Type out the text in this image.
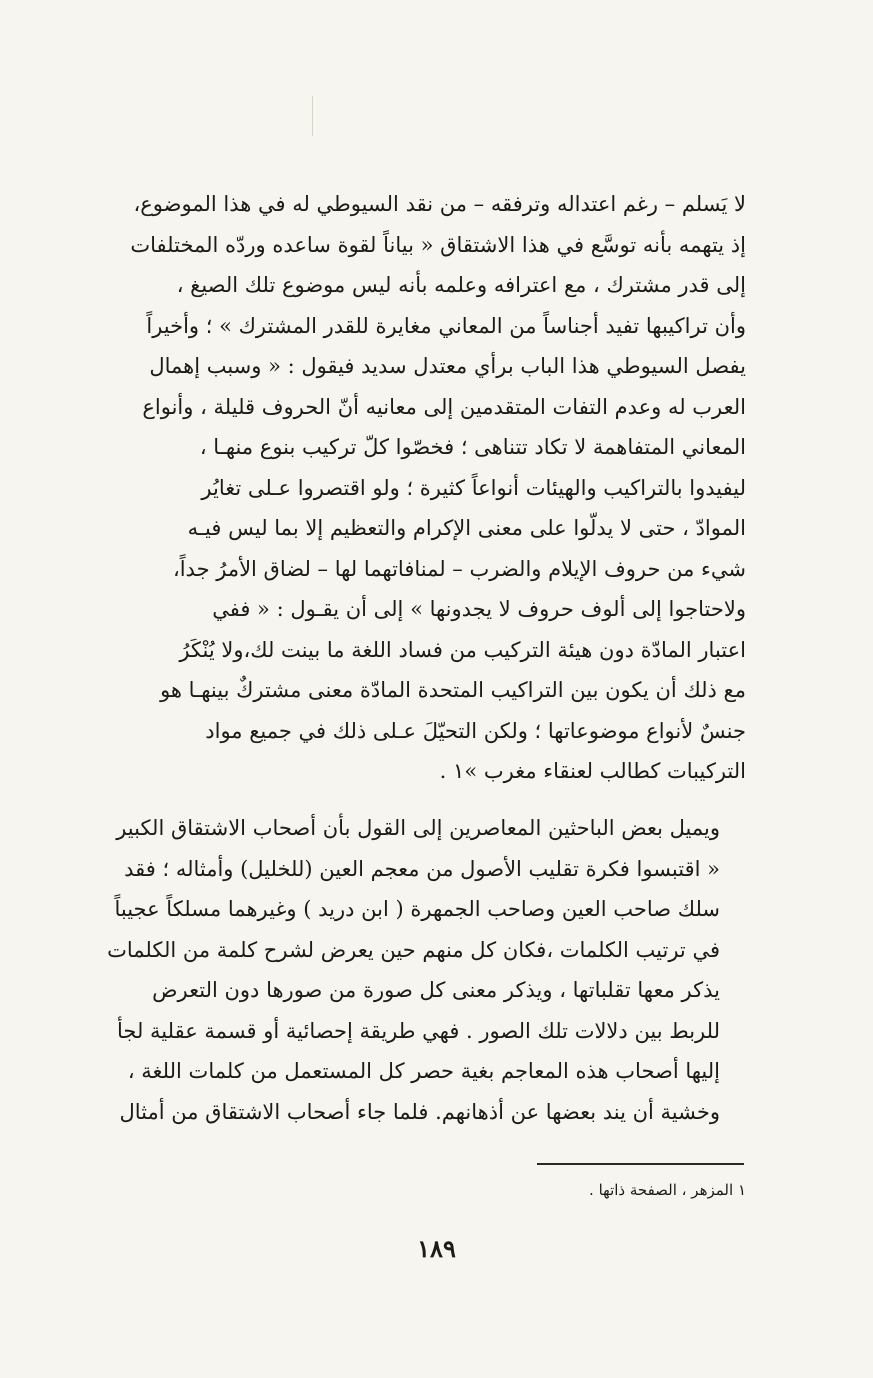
لا يَسلم – رغم اعتداله وترفقه – من نقد السيوطي له في هذا الموضوع،
إذ يتهمه بأنه توسَّع في هذا الاشتقاق « بياناً لقوة ساعده وردّه المختلفات
إلى قدر مشترك ، مع اعترافه وعلمه بأنه ليس موضوع تلك الصيغ ،
وأن تراكيبها تفيد أجناساً من المعاني مغايرة للقدر المشترك » ؛ وأخيراً
يفصل السيوطي هذا الباب برأي معتدل سديد فيقول : « وسبب إهمال
العرب له وعدم التفات المتقدمين إلى معانيه أنّ الحروف قليلة ، وأنواع
المعاني المتفاهمة لا تكاد تتناهى ؛ فخصّوا كلّ تركيب بنوع منهـا ،
ليفيدوا بالتراكيب والهيئات أنواعاً كثيرة ؛ ولو اقتصروا عـلى تغايُر
الموادّ ، حتى لا يدلّوا على معنى الإكرام والتعظيم إلا بما ليس فيـه
شيء من حروف الإيلام والضرب – لمنافاتهما لها – لضاق الأمرُ جداً،
ولاحتاجوا إلى ألوف حروف لا يجدونها » إلى أن يقـول : « ففي
اعتبار المادّة دون هيئة التركيب من فساد اللغة ما بينت لك،ولا يُنْكَرُ
مع ذلك أن يكون بين التراكيب المتحدة المادّة معنى مشتركٌ بينهـا هو
جنسٌ لأنواع موضوعاتها ؛ ولكن التحيّلَ عـلى ذلك في جميع مواد
التركيبات كطالب لعنقاء مغرب »١ .
ويميل بعض الباحثين المعاصرين إلى القول بأن أصحاب الاشتقاق الكبير
« اقتبسوا فكرة تقليب الأصول من معجم العين (للخليل) وأمثاله ؛ فقد
سلك صاحب العين وصاحب الجمهرة ( ابن دريد ) وغيرهما مسلكاً عجيباً
في ترتيب الكلمات ،فكان كل منهم حين يعرض لشرح كلمة من الكلمات
يذكر معها تقلباتها ، ويذكر معنى كل صورة من صورها دون التعرض
للربط بين دلالات تلك الصور . فهي طريقة إحصائية أو قسمة عقلية لجأ
إليها أصحاب هذه المعاجم بغية حصر كل المستعمل من كلمات اللغة ،
وخشية أن يند بعضها عن أذهانهم. فلما جاء أصحاب الاشتقاق من أمثال
١ المزهر ، الصفحة ذاتها .
١٨٩
